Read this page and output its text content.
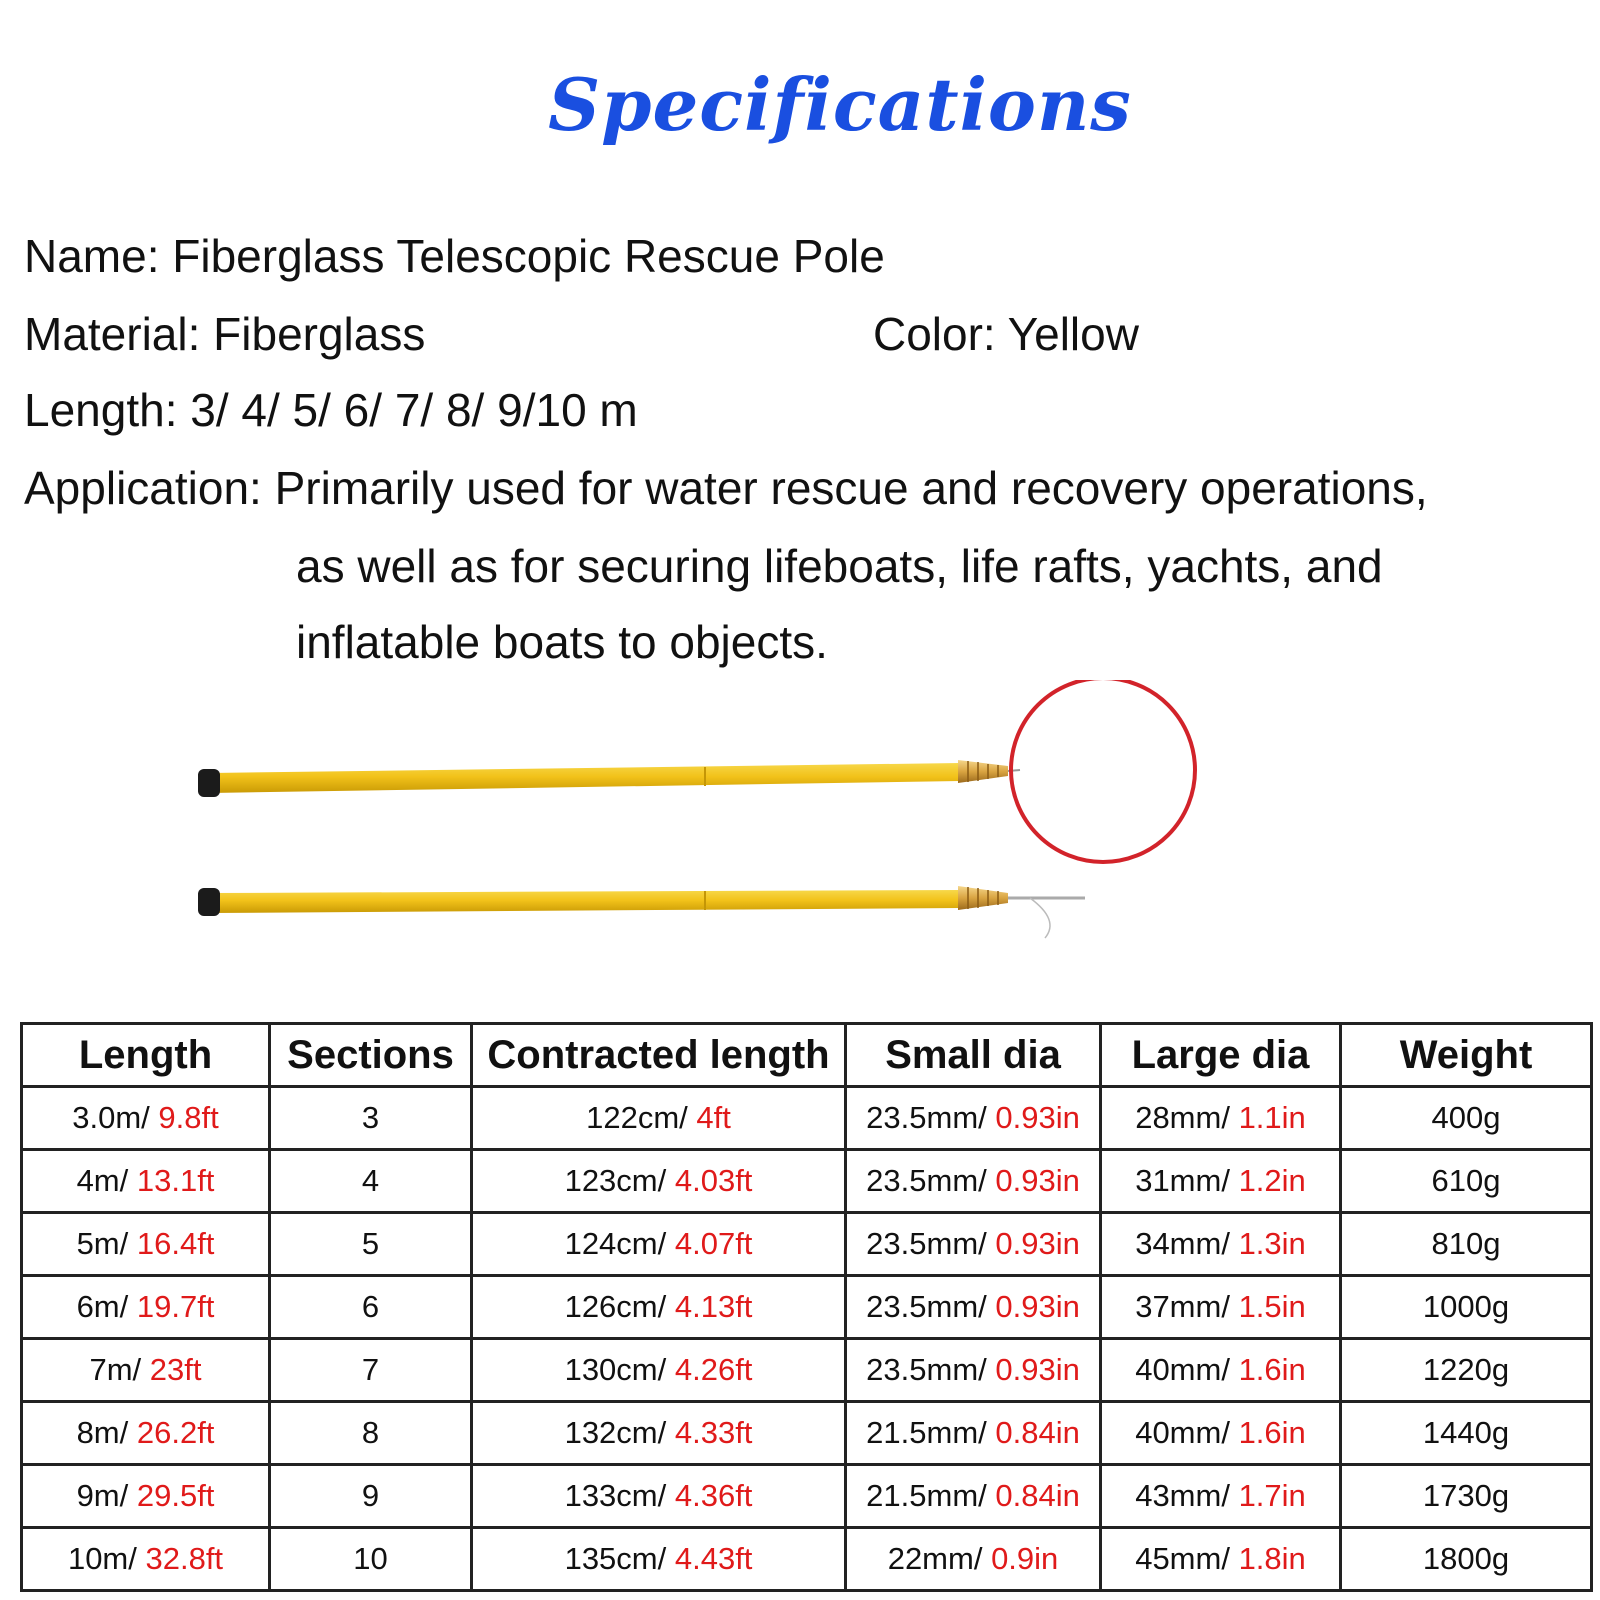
Specifications
Name: Fiberglass Telescopic Rescue Pole
Material: Fiberglass	Color: Yellow
Length: 3/ 4/ 5/ 6/ 7/ 8/ 9/10 m
Application: Primarily used for water rescue and recovery operations,
as well as for securing lifeboats, life rafts, yachts, and
inflatable boats to objects.
Length	Sections	Contracted length	Small dia	Large dia	Weight
3.0m/ 9.8ft	3	122cm/ 4ft	23.5mm/ 0.93in	28mm/ 1.1in	400g
4m/ 13.1ft	4	123cm/ 4.03ft	23.5mm/ 0.93in	31mm/ 1.2in	610g
5m/ 16.4ft	5	124cm/ 4.07ft	23.5mm/ 0.93in	34mm/ 1.3in	810g
6m/ 19.7ft	6	126cm/ 4.13ft	23.5mm/ 0.93in	37mm/ 1.5in	1000g
7m/ 23ft	7	130cm/ 4.26ft	23.5mm/ 0.93in	40mm/ 1.6in	1220g
8m/ 26.2ft	8	132cm/ 4.33ft	21.5mm/ 0.84in	40mm/ 1.6in	1440g
9m/ 29.5ft	9	133cm/ 4.36ft	21.5mm/ 0.84in	43mm/ 1.7in	1730g
10m/ 32.8ft	10	135cm/ 4.43ft	22mm/ 0.9in	45mm/ 1.8in	1800g
